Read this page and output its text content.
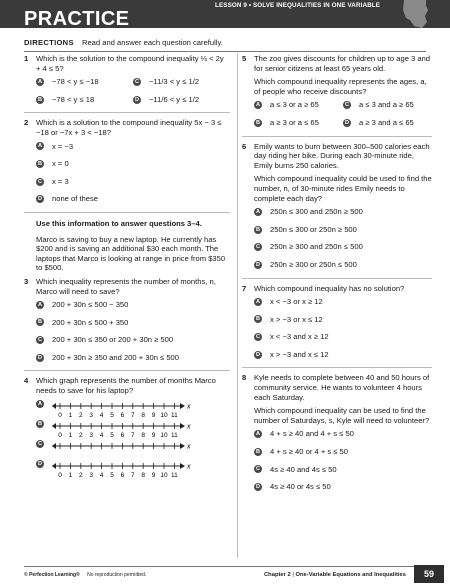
LESSON 9 • SOLVE INEQUALITIES IN ONE VARIABLE
PRACTICE
DIRECTIONS Read and answer each question carefully.
1	Which is the solution to the compound inequality ⅓ < 2y + 4 ≤ 5?
A −78 < y ≤ −18	C −11/3 < y ≤ 1/2
B −78 < y ≤ 18	D −11/6 < y ≤ 1/2
2	Which is a solution to the compound inequality 5x − 3 ≤ −18 or −7x + 3 < −18?
A x = −3
B x = 0
C x = 3
D none of these
Use this information to answer questions 3–4.
Marco is saving to buy a new laptop. He currently has $200 and is saving an additional $30 each month. The laptops that Marco is looking at range in price from $350 to $500.
3	Which inequality represents the number of months, n, Marco will need to save?
A 200 + 30n ≤ 500 − 350
B 200 + 30n ≤ 500 + 350
C 200 + 30n ≤ 350 or 200 + 30n ≥ 500
D 200 + 30n ≥ 350 and 200 + 30n ≤ 500
4	Which graph represents the number of months Marco needs to save for his laptop?
A	x
0 1 2 3 4 5 6 7 8 9 10 11
B	x
0 1 2 3 4 5 6 7 8 9 10 11
C	x
D	x
0 1 2 3 4 5 6 7 8 9 10 11
5	The zoo gives discounts for children up to age 3 and for senior citizens at least 65 years old.
Which compound inequality represents the ages, a, of people who receive discounts?
A a ≤ 3 or a ≥ 65	C a ≤ 3 and a ≥ 65
B a ≥ 3 or a ≤ 65	D a ≥ 3 and a ≤ 65
6	Emily wants to burn between 300–500 calories each day riding her bike. During each 30-minute ride, Emily burns 250 calories.
Which compound inequality could be used to find the number, n, of 30-minute rides Emily needs to complete each day?
A 250n ≤ 300 and 250n ≥ 500
B 250n ≤ 300 or 250n ≥ 500
C 250n ≥ 300 and 250n ≤ 500
D 250n ≥ 300 or 250n ≤ 500
7	Which compound inequality has no solution?
A x < −3 or x ≥ 12
B x > −3 or x ≤ 12
C x < −3 and x ≥ 12
D x > −3 and x ≤ 12
8	Kyle needs to complete between 40 and 50 hours of community service. He wants to volunteer 4 hours each Saturday.
Which compound inequality can be used to find the number of Saturdays, s, Kyle will need to volunteer?
A 4 + s ≥ 40 and 4 + s ≤ 50
B 4 + s ≥ 40 or 4 + s ≤ 50
C 4s ≥ 40 and 4s ≤ 50
D 4s ≥ 40 or 4s ≤ 50
© Perfection Learning® No reproduction permitted.	Chapter 2 | One-Variable Equations and Inequalities	59
